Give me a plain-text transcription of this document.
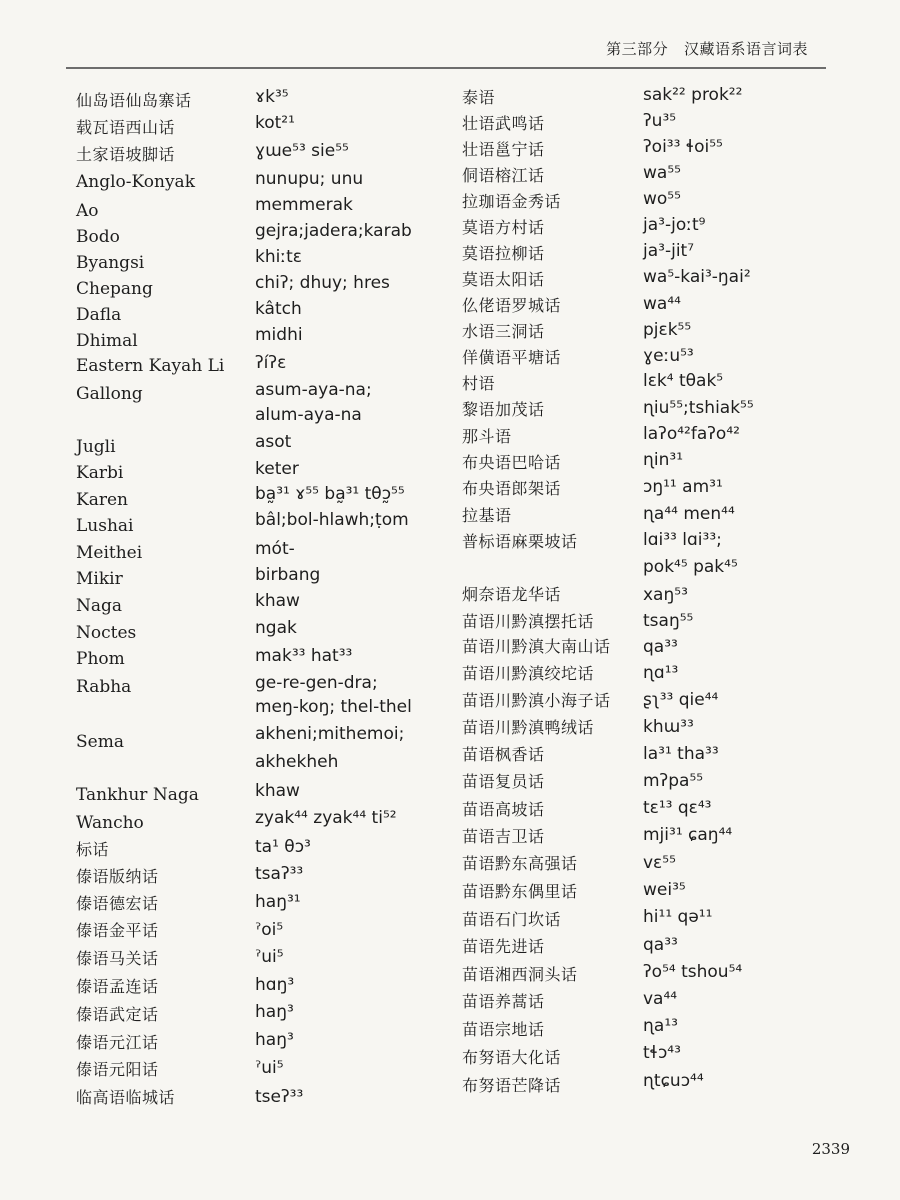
第三部分 汉藏语系语言词表
仙岛语仙岛寨话
载瓦语西山话
土家语坡脚话
Anglo-Konyak
Ao
Bodo
Byangsi
Chepang
Dafla
Dhimal
Eastern Kayah Li
Gallong
Jugli
Karbi
Karen
Lushai
Meithei
Mikir
Naga
Noctes
Phom
Rabha
Sema
Tankhur Naga
Wancho
标话
傣语版纳话
傣语德宏话
傣语金平话
傣语马关话
傣语孟连话
傣语武定话
傣语元江话
傣语元阳话
临高语临城话
ɤk³⁵
kot²¹
ɣɯe⁵³ sie⁵⁵
nunupu; unu
memmerak
gejra;jadera;karab
khiːtɛ
chiʔ; dhuy; hres
kâtch
midhi
ʔíʔɛ
asum-aya-na;
alum-aya-na
asot
keter
ba̰³¹ ɤ⁵⁵ ba̰³¹ tθɔ̰⁵⁵
bâl;bol-hlawh;ṭom
mót-
birbang
khaw
ngak
mak³³ hat³³
ge-re-gen-dra;
meŋ-koŋ; thel-thel
akheni;mithemoi;
akhekheh
khaw
zyak⁴⁴ zyak⁴⁴ ti⁵²
ta¹ θɔ³
tsaʔ³³
haŋ³¹
ˀoi⁵
ˀui⁵
hɑŋ³
haŋ³
haŋ³
ˀui⁵
tseʔ³³
泰语
壮语武鸣话
壮语邕宁话
侗语榕江话
拉珈语金秀话
莫语方村话
莫语拉柳话
莫语太阳话
仫佬语罗城话
水语三洞话
佯僙语平塘话
村语
黎语加茂话
那斗语
布央语巴哈话
布央语郎架话
拉基语
普标语麻栗坡话
炯奈语龙华话
苗语川黔滇摆托话
苗语川黔滇大南山话
苗语川黔滇绞坨话
苗语川黔滇小海子话
苗语川黔滇鸭绒话
苗语枫香话
苗语复员话
苗语高坡话
苗语吉卫话
苗语黔东高强话
苗语黔东偶里话
苗语石门坎话
苗语先进话
苗语湘西洞头话
苗语养蒿话
苗语宗地话
布努语大化话
布努语芒降话
sak²² prok²²
ʔu³⁵
ʔoi³³ ɬoi⁵⁵
wa⁵⁵
wo⁵⁵
ja³-joːt⁹
ja³-jit⁷
wa⁵-kai³-ŋai²
wa⁴⁴
pjɛk⁵⁵
ɣeːu⁵³
lɛk⁴ tθak⁵
ɳiu⁵⁵;tshiak⁵⁵
laʔo⁴²faʔo⁴²
ɳin³¹
ɔŋ¹¹ am³¹
ɳa⁴⁴ men⁴⁴
lɑi³³ lɑi³³;
pok⁴⁵ pak⁴⁵
xaŋ⁵³
tsaŋ⁵⁵
qa³³
ɳɑ¹³
ʂʅ³³ qie⁴⁴
khɯ³³
la³¹ tha³³
mʔpa⁵⁵
tɛ¹³ qɛ⁴³
mji³¹ ɕaŋ⁴⁴
vɛ⁵⁵
wei³⁵
hi¹¹ qə¹¹
qa³³
ʔo⁵⁴ tshou⁵⁴
va⁴⁴
ɳa¹³
tɬɔ⁴³
ɳtɕuɔ⁴⁴
2339
